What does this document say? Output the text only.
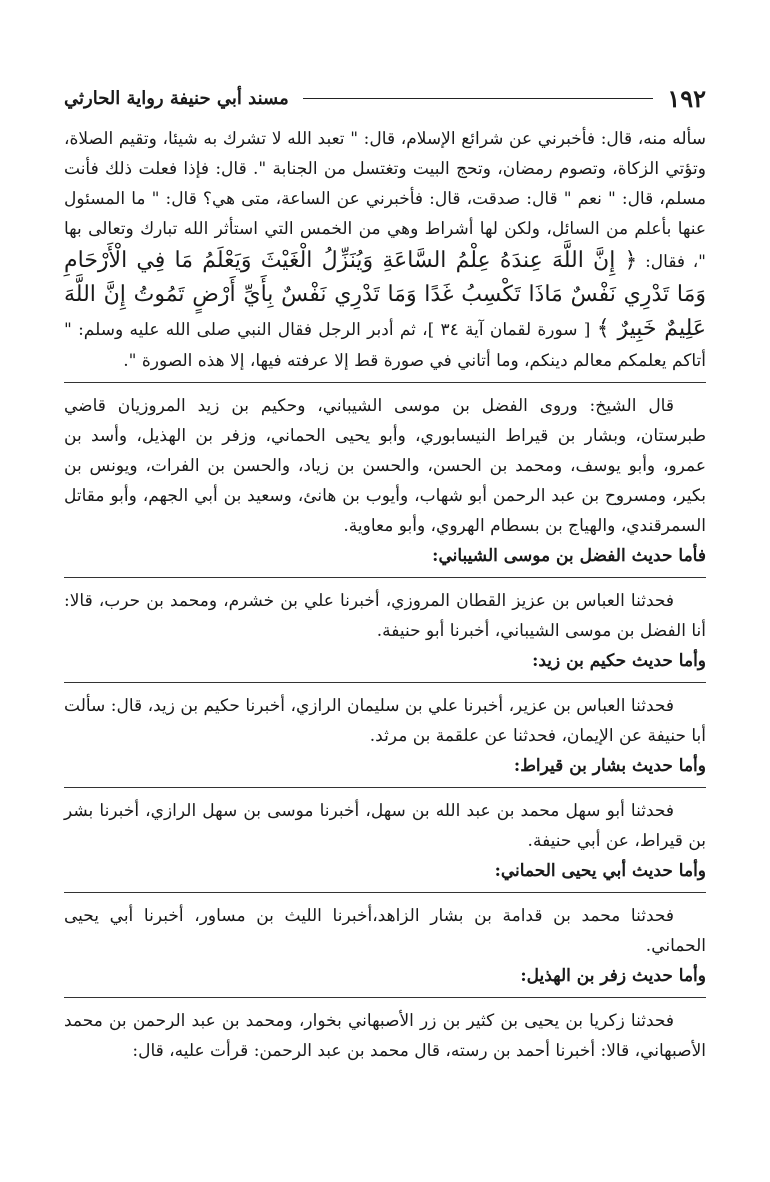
١٩٢
مسند أبي حنيفة رواية الحارثي

سأله منه، قال: فأخبرني عن شرائع الإسلام، قال: " تعبد الله لا تشرك به شيئا، وتقيم الصلاة، وتؤتي الزكاة، وتصوم رمضان، وتحج البيت وتغتسل من الجنابة ". قال: فإذا فعلت ذلك فأنت مسلم، قال: " نعم " قال: صدقت، قال: فأخبرني عن الساعة، متى هي؟ قال: " ما المسئول عنها بأعلم من السائل، ولكن لها أشراط وهي من الخمس التي استأثر الله تبارك وتعالى بها "، فقال: ﴿ إِنَّ اللَّهَ عِندَهُ عِلْمُ السَّاعَةِ وَيُنَزِّلُ الْغَيْثَ وَيَعْلَمُ مَا فِي الْأَرْحَامِ وَمَا تَدْرِي نَفْسٌ مَاذَا تَكْسِبُ غَدًا وَمَا تَدْرِي نَفْسٌ بِأَيِّ أَرْضٍ تَمُوتُ إِنَّ اللَّهَ عَلِيمٌ خَبِيرٌ ﴾ [ سورة لقمان آية ٣٤ ]، ثم أدبر الرجل فقال النبي صلى الله عليه وسلم: " أتاكم يعلمكم معالم دينكم، وما أتاني في صورة قط إلا عرفته فيها، إلا هذه الصورة ".

قال الشيخ: وروى الفضل بن موسى الشيباني، وحكيم بن زيد المروزيان قاضي طبرستان، وبشار بن قيراط النيسابوري، وأبو يحيى الحماني، وزفر بن الهذيل، وأسد بن عمرو، وأبو يوسف، ومحمد بن الحسن، والحسن بن زياد، والحسن بن الفرات، ويونس بن بكير، ومسروح بن عبد الرحمن أبو شهاب، وأيوب بن هانئ، وسعيد بن أبي الجهم، وأبو مقاتل السمرقندي، والهياج بن بسطام الهروي، وأبو معاوية.

فأما حديث الفضل بن موسى الشيباني:

فحدثنا العباس بن عزيز القطان المروزي، أخبرنا علي بن خشرم، ومحمد بن حرب، قالا: أنا الفضل بن موسى الشيباني، أخبرنا أبو حنيفة.

وأما حديث حكيم بن زيد:

فحدثنا العباس بن عزير، أخبرنا علي بن سليمان الرازي، أخبرنا حكيم بن زيد، قال: سألت أبا حنيفة عن الإيمان، فحدثنا عن علقمة بن مرثد.

وأما حديث بشار بن قيراط:

فحدثنا أبو سهل محمد بن عبد الله بن سهل، أخبرنا موسى بن سهل الرازي، أخبرنا بشر بن قيراط، عن أبي حنيفة.

وأما حديث أبي يحيى الحماني:

فحدثنا محمد بن قدامة بن بشار الزاهد،أخبرنا الليث بن مساور، أخبرنا أبي يحيى الحماني.

وأما حديث زفر بن الهذيل:

فحدثنا زكريا بن يحيى بن كثير بن زر الأصبهاني بخوار، ومحمد بن عبد الرحمن بن محمد الأصبهاني، قالا: أخبرنا أحمد بن رسته، قال محمد بن عبد الرحمن: قرأت عليه، قال:
